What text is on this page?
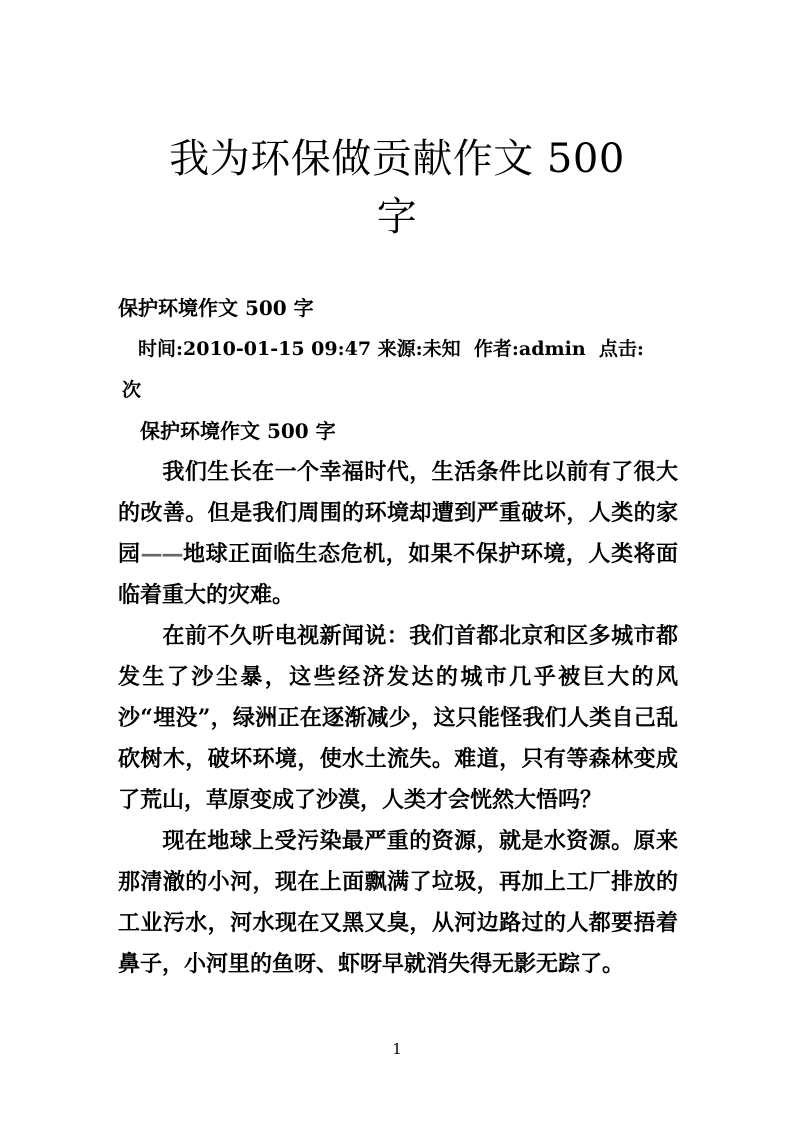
我为环保做贡献作文 500
字
保护环境作文 500 字
时间:2010-01-15 09:47 来源:未知  作者:admin  点击:
次
保护环境作文 500 字

我们生长在一个幸福时代，生活条件比以前有了很大的改善。但是我们周围的环境却遭到严重破坏，人类的家园——地球正面临生态危机，如果不保护环境，人类将面临着重大的灾难。

在前不久听电视新闻说：我们首都北京和区多城市都发生了沙尘暴，这些经济发达的城市几乎被巨大的风沙“埋没”，绿洲正在逐渐减少，这只能怪我们人类自己乱砍树木，破坏环境，使水土流失。难道，只有等森林变成了荒山，草原变成了沙漠，人类才会恍然大悟吗？

现在地球上受污染最严重的资源，就是水资源。原来那清澈的小河，现在上面飘满了垃圾，再加上工厂排放的工业污水，河水现在又黑又臭，从河边路过的人都要捂着鼻子，小河里的鱼呀、虾呀早就消失得无影无踪了。

1
